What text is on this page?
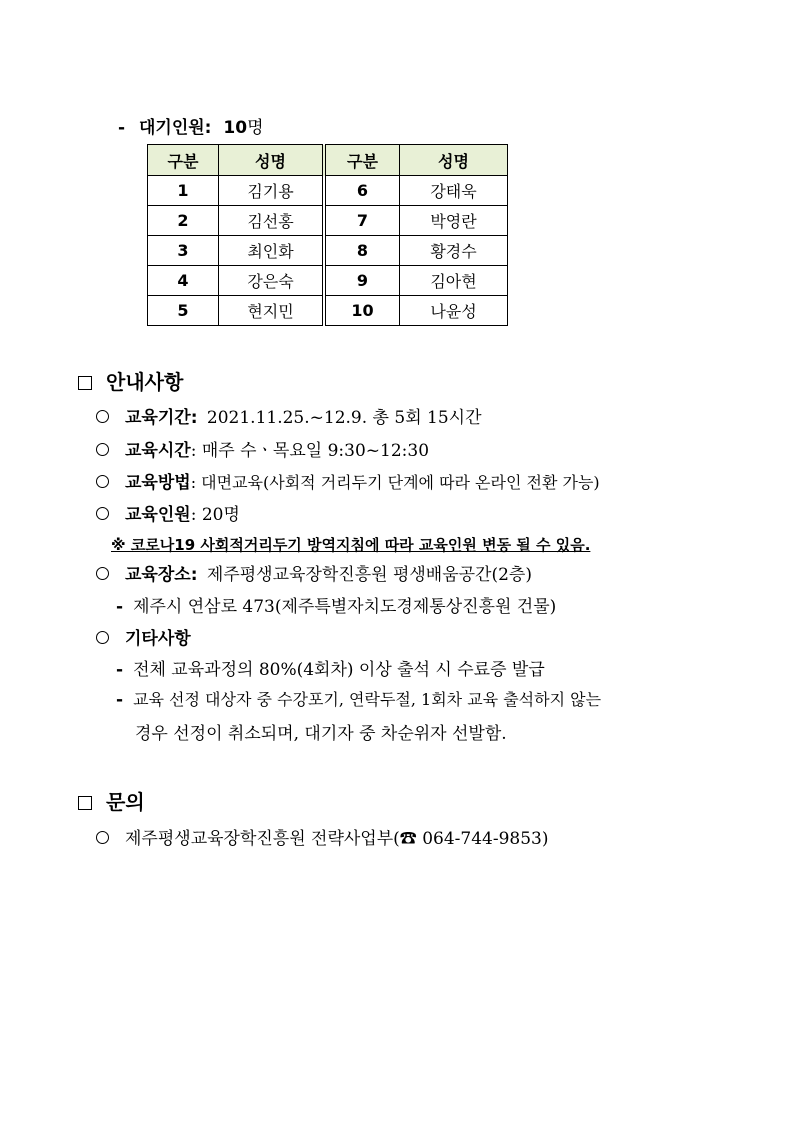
- 대기인원: 10명
구분	성명	구분	성명
1	김기용	6	강태욱
2	김선홍	7	박영란
3	최인화	8	황경수
4	강은숙	9	김아현
5	현지민	10	나윤성
안내사항
교육기간: 2021.11.25.~12.9. 총 5회 15시간
교육시간: 매주 수ㆍ목요일 9:30~12:30
교육방법: 대면교육(사회적 거리두기 단계에 따라 온라인 전환 가능)
교육인원: 20명
※ 코로나19 사회적거리두기 방역지침에 따라 교육인원 변동 될 수 있음.
교육장소: 제주평생교육장학진흥원 평생배움공간(2층)
- 제주시 연삼로 473(제주특별자치도경제통상진흥원 건물)
기타사항
- 전체 교육과정의 80%(4회차) 이상 출석 시 수료증 발급
- 교육 선정 대상자 중 수강포기, 연락두절, 1회차 교육 출석하지 않는
경우 선정이 취소되며, 대기자 중 차순위자 선발함.
문의
제주평생교육장학진흥원 전략사업부(☎ 064-744-9853)
